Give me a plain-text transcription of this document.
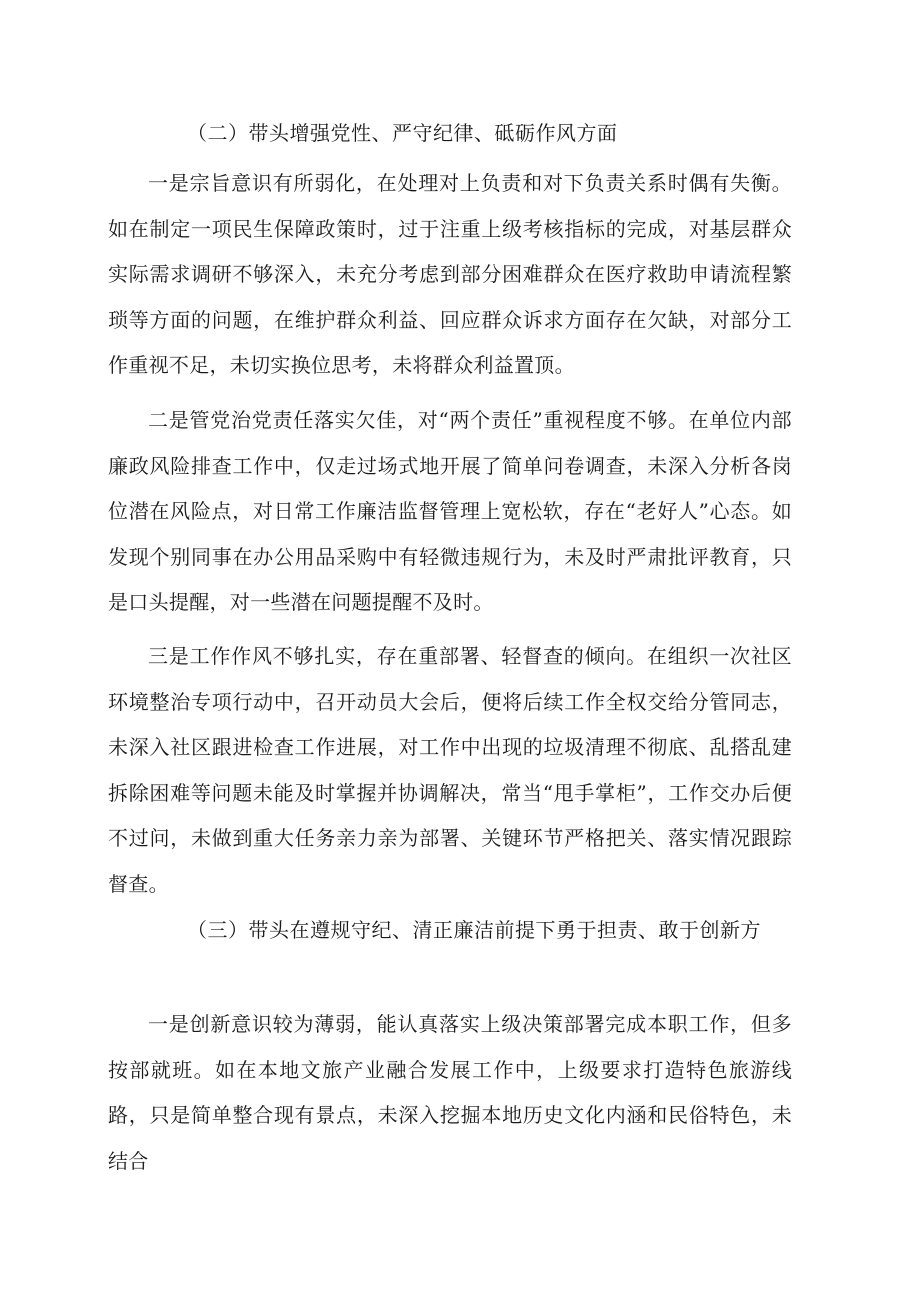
（二）带头增强党性、严守纪律、砥砺作风方面

一是宗旨意识有所弱化，在处理对上负责和对下负责关系时偶有失衡。如在制定一项民生保障政策时，过于注重上级考核指标的完成，对基层群众实际需求调研不够深入，未充分考虑到部分困难群众在医疗救助申请流程繁琐等方面的问题，在维护群众利益、回应群众诉求方面存在欠缺，对部分工作重视不足，未切实换位思考，未将群众利益置顶。

二是管党治党责任落实欠佳，对“两个责任”重视程度不够。在单位内部廉政风险排查工作中，仅走过场式地开展了简单问卷调查，未深入分析各岗位潜在风险点，对日常工作廉洁监督管理上宽松软，存在“老好人”心态。如发现个别同事在办公用品采购中有轻微违规行为，未及时严肃批评教育，只是口头提醒，对一些潜在问题提醒不及时。

三是工作作风不够扎实，存在重部署、轻督查的倾向。在组织一次社区环境整治专项行动中，召开动员大会后，便将后续工作全权交给分管同志，未深入社区跟进检查工作进展，对工作中出现的垃圾清理不彻底、乱搭乱建拆除困难等问题未能及时掌握并协调解决，常当“甩手掌柜”，工作交办后便不过问，未做到重大任务亲力亲为部署、关键环节严格把关、落实情况跟踪督查。

（三）带头在遵规守纪、清正廉洁前提下勇于担责、敢于创新方

一是创新意识较为薄弱，能认真落实上级决策部署完成本职工作，但多按部就班。如在本地文旅产业融合发展工作中，上级要求打造特色旅游线路，只是简单整合现有景点，未深入挖掘本地历史文化内涵和民俗特色，未结合
